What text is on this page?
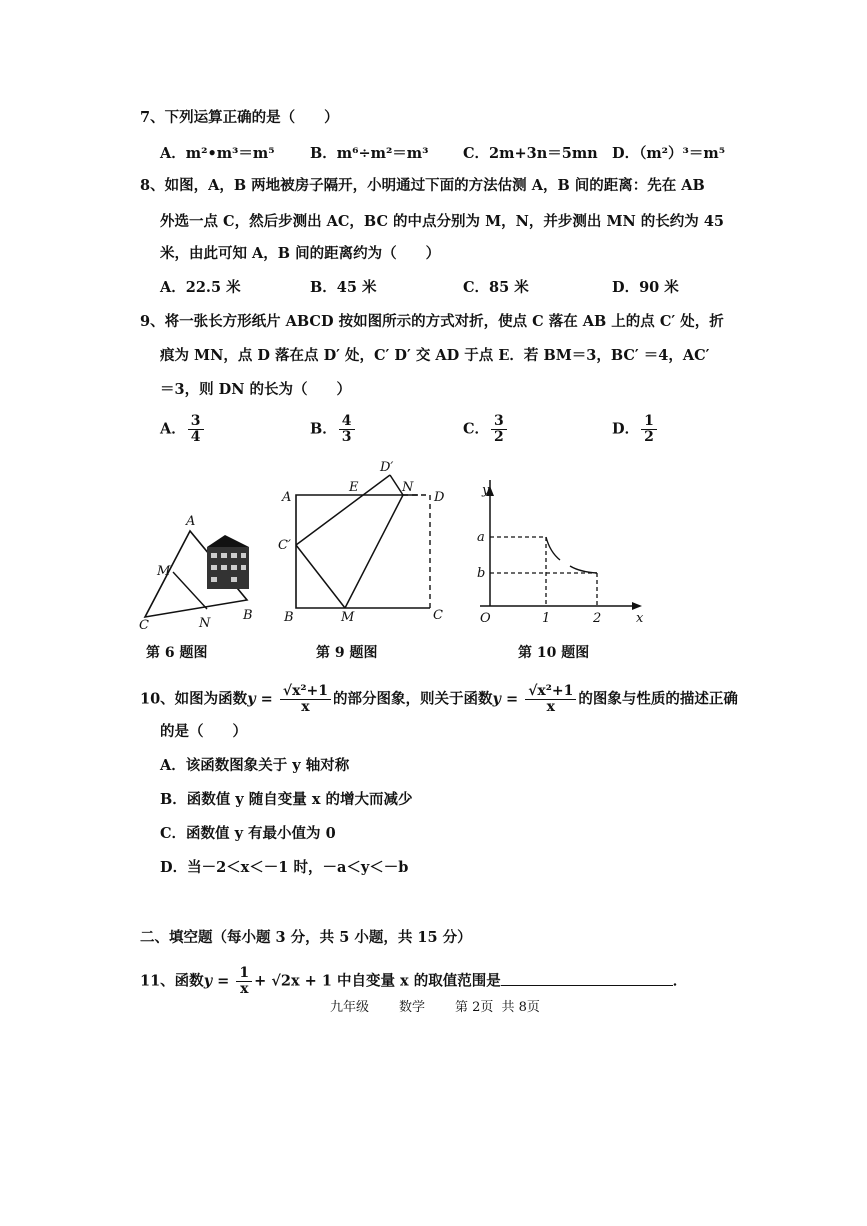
7、下列运算正确的是（　　）
A．m²•m³＝m⁵ B．m⁶÷m²＝m³ C．2m+3n＝5mn D．（m²）³＝m⁵
8、如图，A，B 两地被房子隔开，小明通过下面的方法估测 A，B 间的距离：先在 AB
外选一点 C，然后步测出 AC，BC 的中点分别为 M，N，并步测出 MN 的长约为 45
米，由此可知 A，B 间的距离约为（　　）
A．22.5 米	B．45 米	C．85 米	D．90 米
9、将一张长方形纸片 ABCD 按如图所示的方式对折，使点 C 落在 AB 上的点 C′ 处，折
痕为 MN，点 D 落在点 D′ 处，C′ D′ 交 AD 于点 E．若 BM＝3，BC′ ＝4，AC′
＝3，则 DN 的长为（　　）
A． $\frac{3}{4}$	B． $\frac{4}{3}$	C． $\frac{3}{2}$	D． $\frac{1}{2}$
A
M
C	N
B
第 6 题图
A
E
D′
N
D
C′
B	M	C
第 9 题图
y
a
b
O	1	2	x
第 10 题图
10、如图为函数$y = \frac{\text{√x²+1}}{x}$ 的部分图象，则关于函数$y = \frac{\text{√x²+1}}{x}$ 的图象与性质的描述正确
的是（　　）
A．该函数图象关于 y 轴对称
B．函数值 y 随自变量 x 的增大而减少
C．函数值 y 有最小值为 0
D．当－2＜x＜－1 时，－a＜y＜－b
二、填空题（每小题 3 分，共 5 小题，共 15 分）
11、函数$y = \frac{1}{x} + √2x + 1$ 中自变量 x 的取值范围是	．
九年级 数学 第 2页 共 8页
